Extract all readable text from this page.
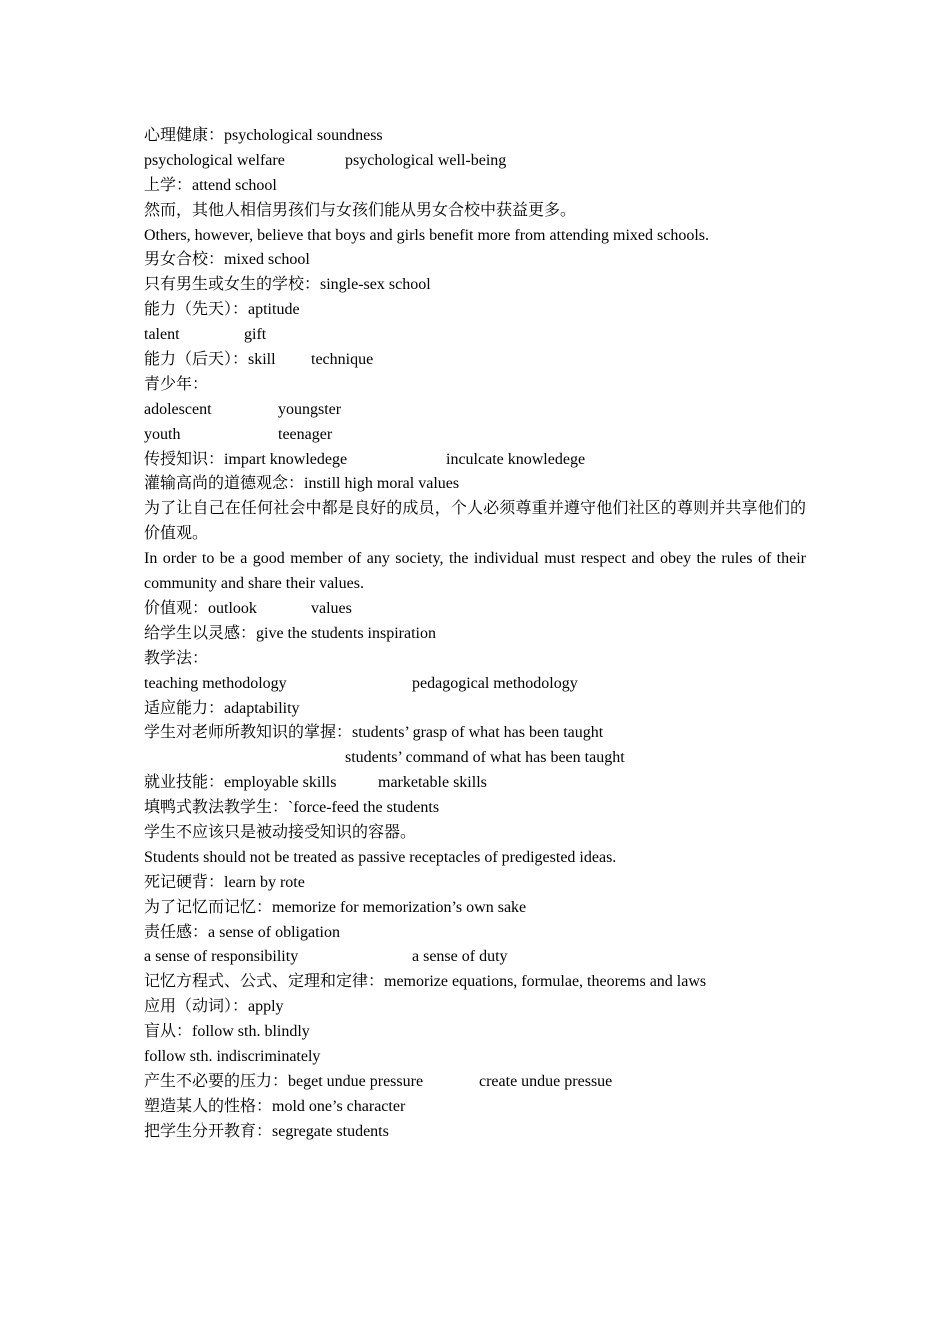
心理健康：psychological soundness
psychological welfare	psychological well-being
上学：attend school
然而，其他人相信男孩们与女孩们能从男女合校中获益更多。
Others, however, believe that boys and girls benefit more from attending mixed schools.
男女合校：mixed school
只有男生或女生的学校：single-sex school
能力（先天）：aptitude
talent	gift
能力（后天）：skill technique
青少年：
adolescent	youngster
youth	teenager
传授知识：impart knowledege	inculcate knowledege
灌输高尚的道德观念：instill high moral values
为了让自己在任何社会中都是良好的成员，个人必须尊重并遵守他们社区的尊则并共享他们的价值观。
In order to be a good member of any society, the individual must respect and obey the rules of their community and share their values.
价值观：outlook	values
给学生以灵感：give the students inspiration
教学法：
teaching methodology	pedagogical methodology
适应能力：adaptability
学生对老师所教知识的掌握：students’ grasp of what has been taught
students’ command of what has been taught
就业技能：employable skills	marketable skills
填鸭式教法教学生：`force-feed the students
学生不应该只是被动接受知识的容器。
Students should not be treated as passive receptacles of predigested ideas.
死记硬背：learn by rote
为了记忆而记忆：memorize for memorization’s own sake
责任感：a sense of obligation
a sense of responsibility	a sense of duty
记忆方程式、公式、定理和定律：memorize equations, formulae, theorems and laws
应用（动词）：apply
盲从：follow sth. blindly
follow sth. indiscriminately
产生不必要的压力：beget undue pressure	create undue pressue
塑造某人的性格：mold one’s character
把学生分开教育：segregate students
